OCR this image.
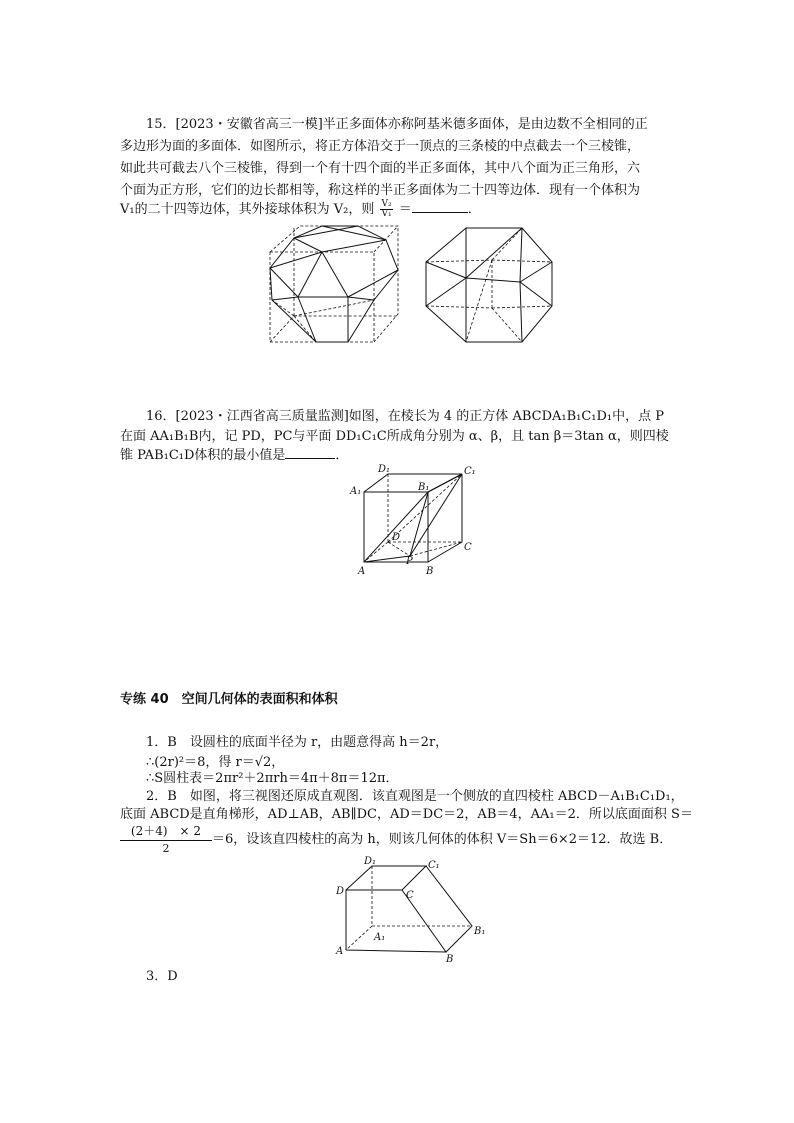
15．[2023・安徽省高三一模]半正多面体亦称阿基米德多面体，是由边数不全相同的正
多边形为面的多面体．如图所示，将正方体沿交于一顶点的三条棱的中点截去一个三棱锥，
如此共可截去八个三棱锥，得到一个有十四个面的半正多面体，其中八个面为正三角形，六
个面为正方形，它们的边长都相等，称这样的半正多面体为二十四等边体．现有一个体积为
V₁的二十四等边体，其外接球体积为 V₂，则 $\frac{\text{V₂}}{\text{V₁}}$ ＝	．
16．[2023・江西省高三质量监测]如图，在棱长为 4 的正方体 ABCDA₁B₁C₁D₁中，点 P
在面 AA₁B₁B内，记 PD，PC与平面 DD₁C₁C所成角分别为 α、β，且 tan β＝3tan α，则四棱
锥 PAB₁C₁D体积的最小值是	．
D₁	C₁
A₁	B₁
D
C
A
P
B
专练 40　空间几何体的表面积和体积
1．B　设圆柱的底面半径为 r，由题意得高 h＝2r，
∴(2r)²＝8，得 r＝√2，
∴S圆柱表＝2πr²＋2πrh＝4π＋8π＝12π．
2．B　如图，将三视图还原成直观图．该直观图是一个侧放的直四棱柱 ABCD－A₁B₁C₁D₁，
底面 ABCD是直角梯形，AD⊥AB，AB∥DC，AD＝DC＝2，AB＝4，AA₁＝2．所以底面面积 S＝
(2＋4)　× 2
2
＝6，设该直四棱柱的高为 h，则该几何体的体积 V＝Sh＝6×2＝12．故选 B．
D₁	C₁
D	C
A₁
B₁
A
B
3．D
